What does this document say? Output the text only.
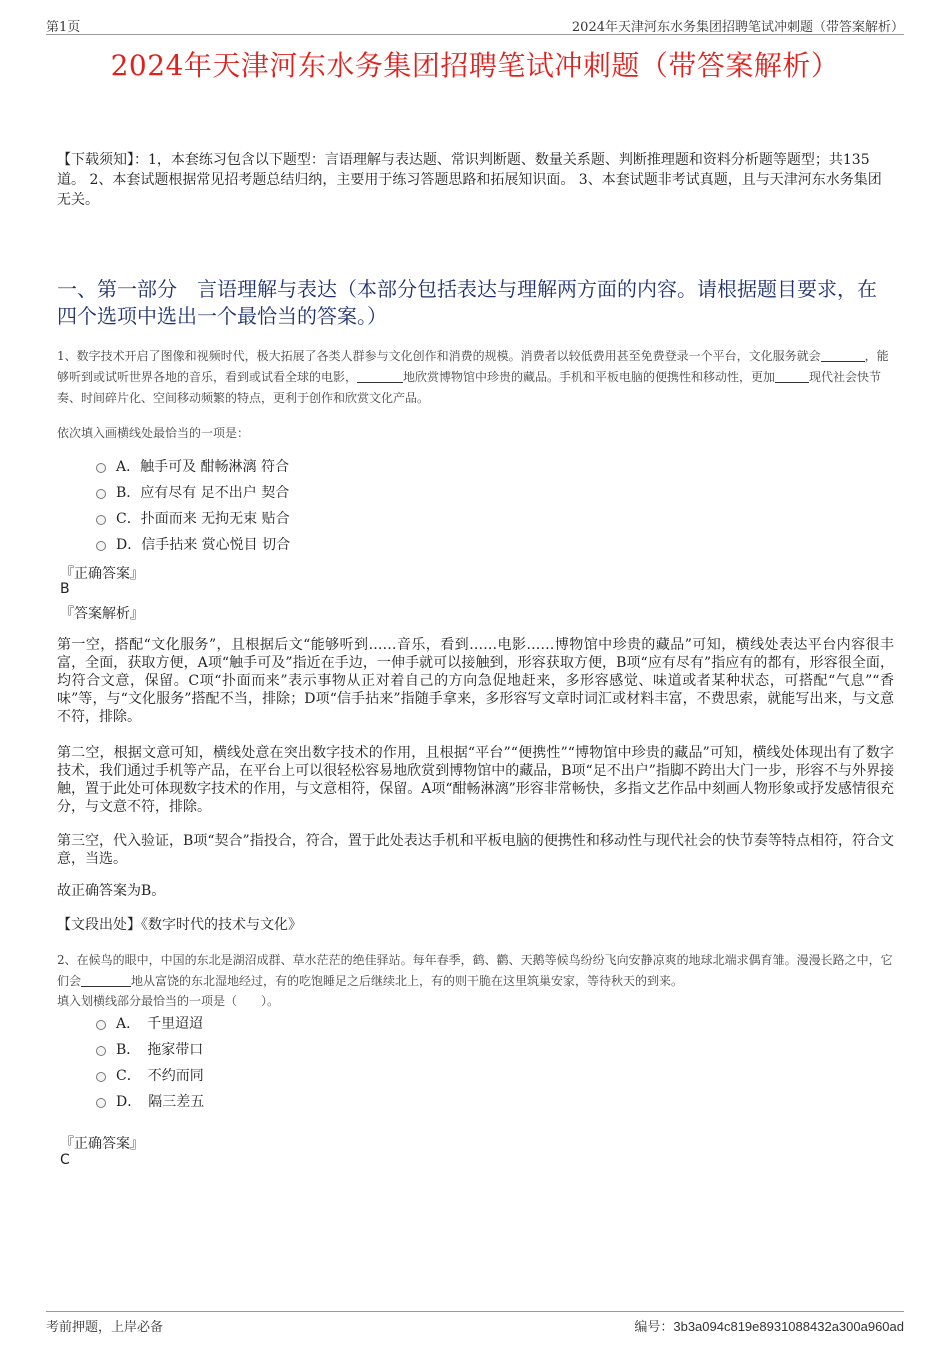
第1页	2024年天津河东水务集团招聘笔试冲刺题（带答案解析）
2024年天津河东水务集团招聘笔试冲刺题（带答案解析）
【下载须知】：1，本套练习包含以下题型：言语理解与表达题、常识判断题、数量关系题、判断推理题和资料分析题等题型；共135道。 2、本套试题根据常见招考题总结归纳，主要用于练习答题思路和拓展知识面。 3、本套试题非考试真题，且与天津河东水务集团无关。
一、第一部分　言语理解与表达（本部分包括表达与理解两方面的内容。请根据题目要求，在四个选项中选出一个最恰当的答案。）
1、数字技术开启了图像和视频时代，极大拓展了各类人群参与文化创作和消费的规模。消费者以较低费用甚至免费登录一个平台，文化服务就会	，能够听到或试听世界各地的音乐，看到或试看全球的电影，	地欣赏博物馆中珍贵的藏品。手机和平板电脑的便携性和移动性，更加	现代社会快节奏、时间碎片化、空间移动频繁的特点，更利于创作和欣赏文化产品。
依次填入画横线处最恰当的一项是：
A．触手可及 酣畅淋漓 符合
B．应有尽有 足不出户 契合
C．扑面而来 无拘无束 贴合
D．信手拈来 赏心悦目 切合
『正确答案』
B
『答案解析』
第一空，搭配“文化服务”，且根据后文“能够听到……音乐，看到……电影……博物馆中珍贵的藏品”可知，横线处表达平台内容很丰富，全面，获取方便，A项“触手可及”指近在手边，一伸手就可以接触到，形容获取方便，B项“应有尽有”指应有的都有，形容很全面，均符合文意，保留。C项“扑面而来”表示事物从正对着自己的方向急促地赶来，多形容感觉、味道或者某种状态，可搭配“气息”“香味”等，与“文化服务”搭配不当，排除；D项“信手拈来”指随手拿来，多形容写文章时词汇或材料丰富，不费思索，就能写出来，与文意不符，排除。
第二空，根据文意可知，横线处意在突出数字技术的作用，且根据“平台”“便携性”“博物馆中珍贵的藏品”可知，横线处体现出有了数字技术，我们通过手机等产品，在平台上可以很轻松容易地欣赏到博物馆中的藏品，B项“足不出户”指脚不跨出大门一步，形容不与外界接触，置于此处可体现数字技术的作用，与文意相符，保留。A项“酣畅淋漓”形容非常畅快，多指文艺作品中刻画人物形象或抒发感情很充分，与文意不符，排除。
第三空，代入验证，B项“契合”指投合，符合，置于此处表达手机和平板电脑的便携性和移动性与现代社会的快节奏等特点相符，符合文意，当选。
故正确答案为B。
【文段出处】《数字时代的技术与文化》
2、在候鸟的眼中，中国的东北是湖沼成群、草水茫茫的绝佳驿站。每年春季，鹤、鹳、天鹅等候鸟纷纷飞向安静凉爽的地球北端求偶育雏。漫漫长路之中，它们会	地从富饶的东北湿地经过，有的吃饱睡足之后继续北上，有的则干脆在这里筑巢安家，等待秋天的到来。
填入划横线部分最恰当的一项是（　　）。
A．　千里迢迢
B．　拖家带口
C．　不约而同
D．　隔三差五
『正确答案』
C
考前押题，上岸必备	编号：3b3a094c819e8931088432a300a960ad
